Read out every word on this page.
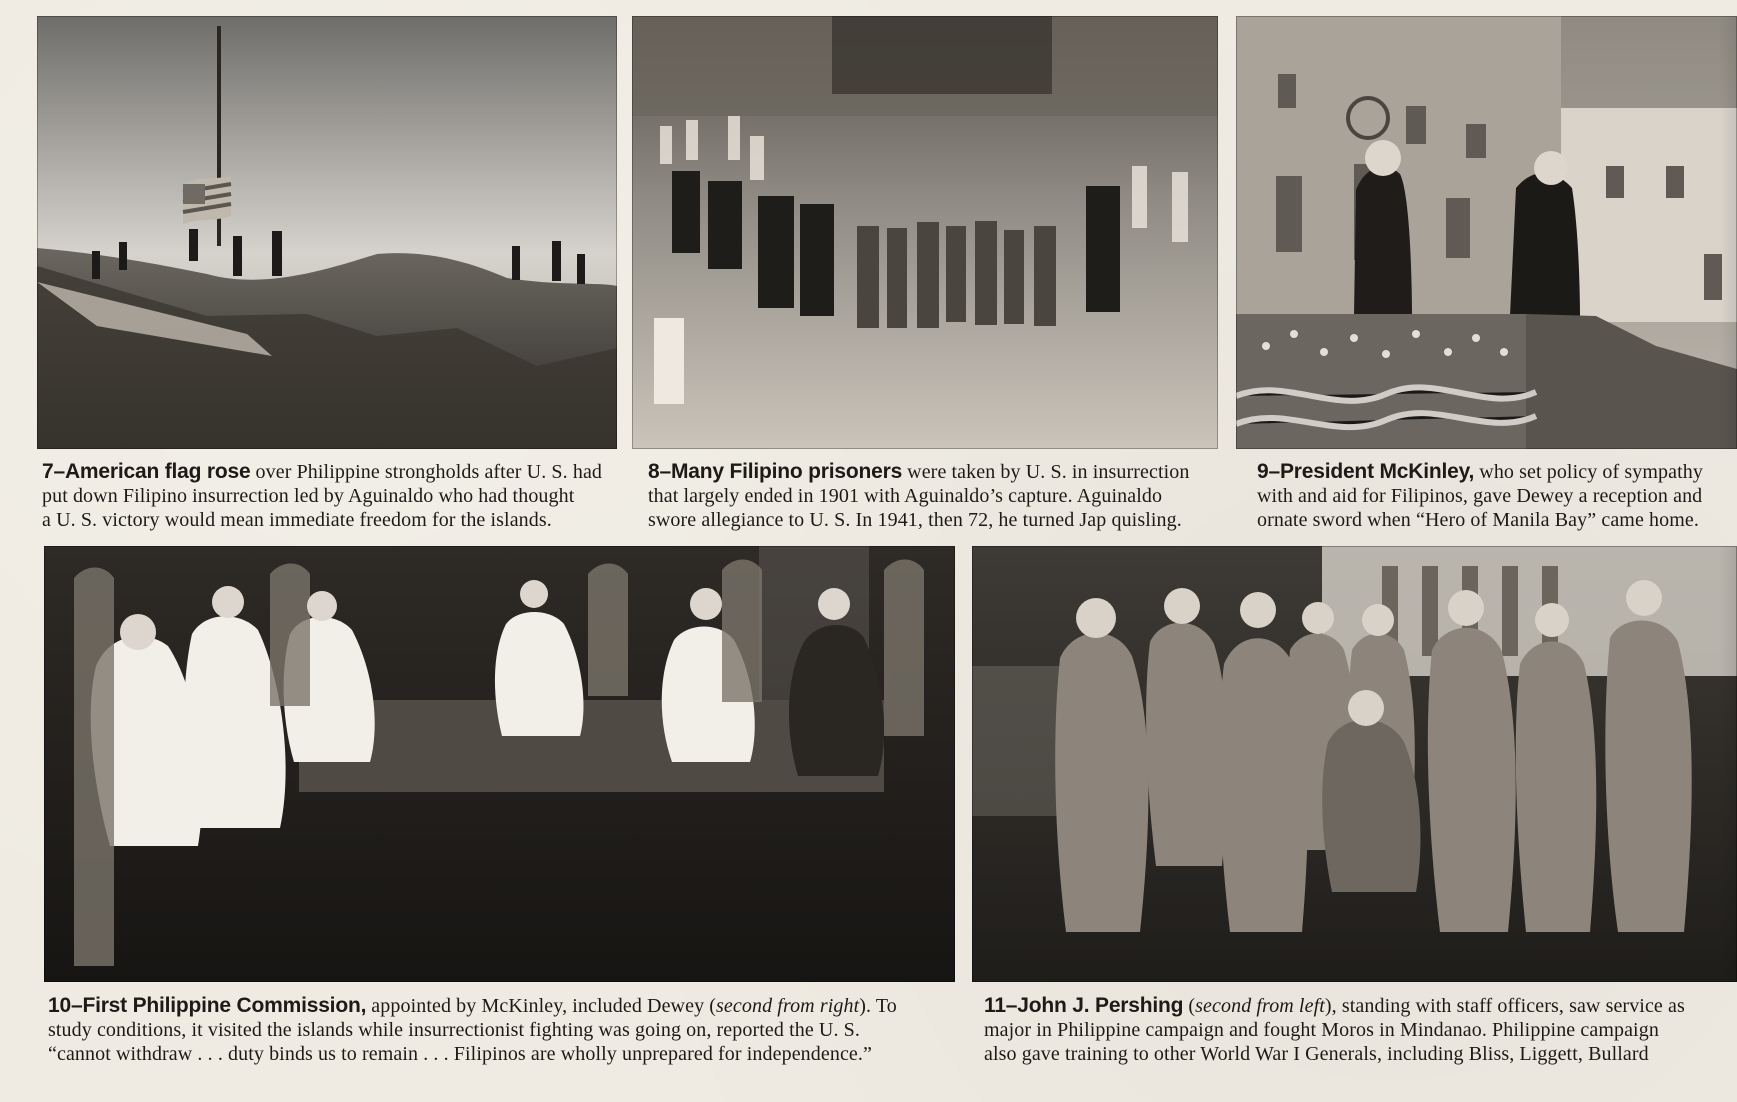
7–American flag rose over Philippine strongholds after U. S. had
put down Filipino insurrection led by Aguinaldo who had thought
a U. S. victory would mean immediate freedom for the islands.
8–Many Filipino prisoners were taken by U. S. in insurrection
that largely ended in 1901 with Aguinaldo’s capture. Aguinaldo
swore allegiance to U. S. In 1941, then 72, he turned Jap quisling.
9–President McKinley, who set policy of sympathy
with and aid for Filipinos, gave Dewey a reception and
ornate sword when “Hero of Manila Bay” came home.
10–First Philippine Commission, appointed by McKinley, included Dewey (second from right). To
study conditions, it visited the islands while insurrectionist fighting was going on, reported the U. S.
“cannot withdraw . . . duty binds us to remain . . . Filipinos are wholly unprepared for independence.”
11–John J. Pershing (second from left), standing with staff officers, saw service as
major in Philippine campaign and fought Moros in Mindanao. Philippine campaign
also gave training to other World War I Generals, including Bliss, Liggett, Bullard
